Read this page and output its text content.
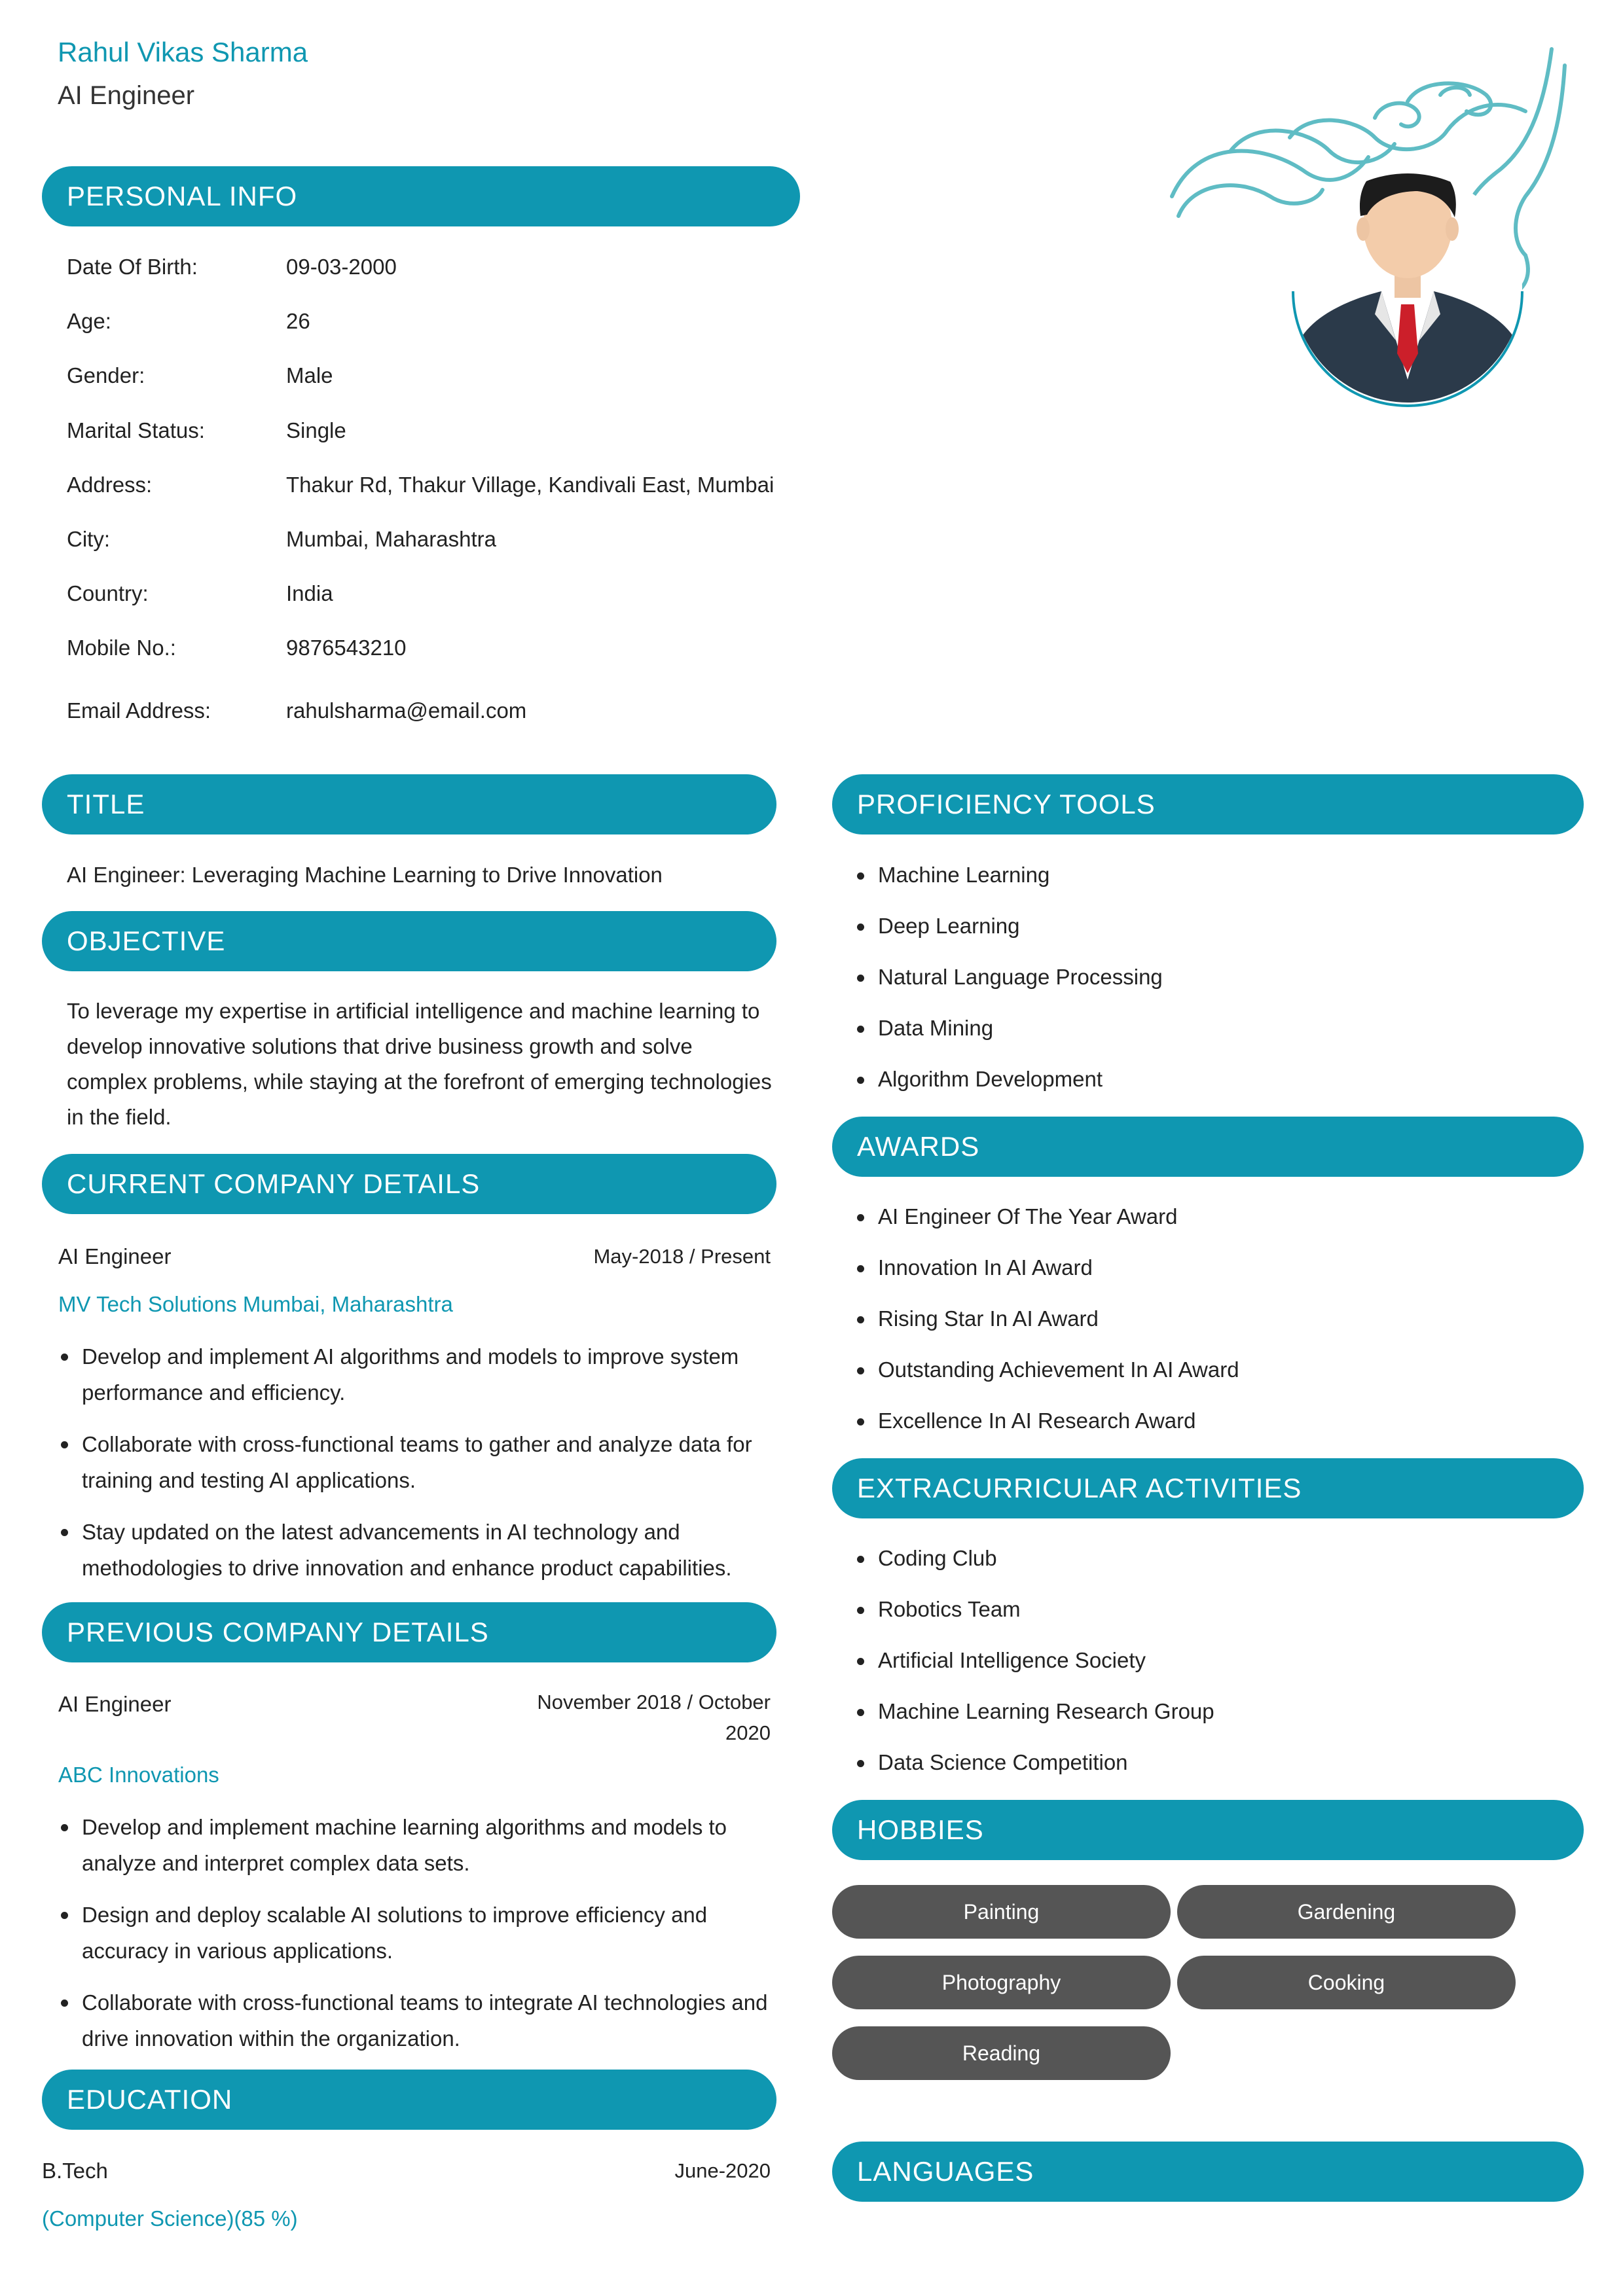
Rahul Vikas Sharma
AI Engineer
PERSONAL INFO
Date Of Birth:	09-03-2000
Age:	26
Gender:	Male
Marital Status:	Single
Address:	Thakur Rd, Thakur Village, Kandivali East, Mumbai
City:	Mumbai, Maharashtra
Country:	India
Mobile No.:	9876543210
Email Address:	rahulsharma@email.com
TITLE
AI Engineer: Leveraging Machine Learning to Drive Innovation
OBJECTIVE
To leverage my expertise in artificial intelligence and machine learning to develop innovative solutions that drive business growth and solve complex problems, while staying at the forefront of emerging technologies in the field.
CURRENT COMPANY DETAILS
AI Engineer	May-2018 / Present
MV Tech Solutions Mumbai, Maharashtra
Develop and implement AI algorithms and models to improve system performance and efficiency.
Collaborate with cross-functional teams to gather and analyze data for training and testing AI applications.
Stay updated on the latest advancements in AI technology and methodologies to drive innovation and enhance product capabilities.
PREVIOUS COMPANY DETAILS
AI Engineer	November 2018 / October
2020
ABC Innovations
Develop and implement machine learning algorithms and models to analyze and interpret complex data sets.
Design and deploy scalable AI solutions to improve efficiency and accuracy in various applications.
Collaborate with cross-functional teams to integrate AI technologies and drive innovation within the organization.
EDUCATION
B.Tech	June-2020
(Computer Science)(85 %)
PROFICIENCY TOOLS
Machine Learning
Deep Learning
Natural Language Processing
Data Mining
Algorithm Development
AWARDS
AI Engineer Of The Year Award
Innovation In AI Award
Rising Star In AI Award
Outstanding Achievement In AI Award
Excellence In AI Research Award
EXTRACURRICULAR ACTIVITIES
Coding Club
Robotics Team
Artificial Intelligence Society
Machine Learning Research Group
Data Science Competition
HOBBIES
Painting	Gardening
Photography	Cooking
Reading
LANGUAGES
